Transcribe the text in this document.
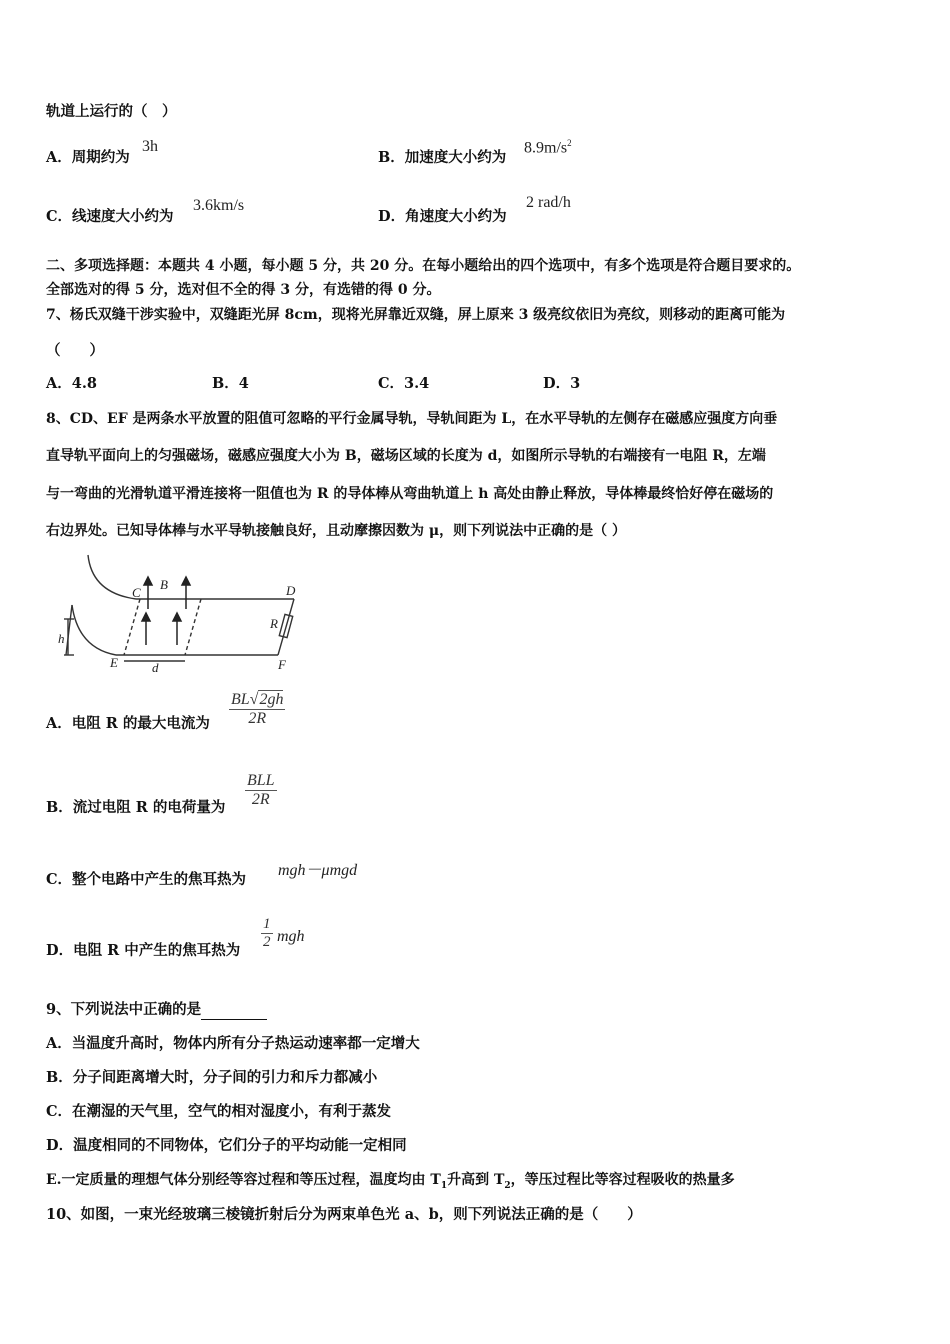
轨道上运行的（　）
A．周期约为
3h
B．加速度大小约为
$8.9m/s^2$
C．线速度大小约为
3.6km/s
D．角速度大小约为
2 rad/h
二、多项选择题：本题共 4 小题，每小题 5 分，共 20 分。在每小题给出的四个选项中，有多个选项是符合题目要求的。
全部选对的得 5 分，选对但不全的得 3 分，有选错的得 0 分。
7、杨氏双缝干涉实验中，双缝距光屏 8cm，现将光屏靠近双缝，屏上原来 3 级亮纹依旧为亮纹，则移动的距离可能为
（　　）
A．4.8	B．4	C．3.4	D．3
8、CD、EF 是两条水平放置的阻值可忽略的平行金属导轨，导轨间距为 L，在水平导轨的左侧存在磁感应强度方向垂
直导轨平面向上的匀强磁场，磁感应强度大小为 B，磁场区域的长度为 d，如图所示导轨的右端接有一电阻 R，左端
与一弯曲的光滑轨道平滑连接将一阻值也为 R 的导体棒从弯曲轨道上 h 高处由静止释放，导体棒最终恰好停在磁场的
右边界处。已知导体棒与水平导轨接触良好，且动摩擦因数为 μ，则下列说法中正确的是（ ）
C
B	D
R
E	F
h
d
A．电阻 R 的最大电流为 $\frac{BL√2gh}{2R}$
B．流过电阻 R 的电荷量为
BLL
2R
C．整个电路中产生的焦耳热为
mgh－μmgd
D．电阻 R 中产生的焦耳热为 $\frac{1}{2}$ mgh
9、下列说法中正确的是
A．当温度升高时，物体内所有分子热运动速率都一定增大
B．分子间距离增大时，分子间的引力和斥力都减小
C．在潮湿的天气里，空气的相对湿度小，有利于蒸发
D．温度相同的不同物体，它们分子的平均动能一定相同
E.一定质量的理想气体分别经等容过程和等压过程，温度均由 $T_1$升高到 $T_2$，等压过程比等容过程吸收的热量多
10、如图，一束光经玻璃三棱镜折射后分为两束单色光 a、b，则下列说法正确的是（　　）
